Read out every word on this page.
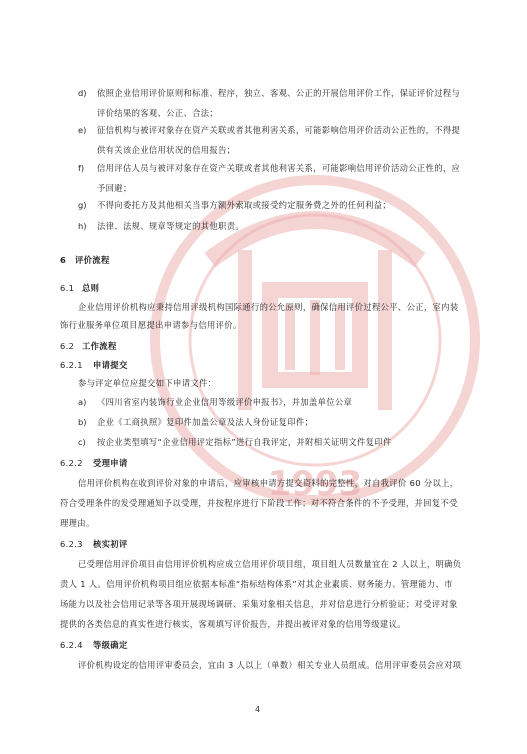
1993
d) 依照企业信用评价原则和标准、程序，独立、客观、公正的开展信用评价工作，保证评价过程与
评价结果的客观、公正、合法；
e) 征信机构与被评对象存在资产关联或者其他利害关系，可能影响信用评价活动公正性的，不得提
供有关该企业信用状况的信用报告；
f) 信用评估人员与被评对象存在资产关联或者其他利害关系，可能影响信用评价活动公正性的，应
予回避；
g) 不得向委托方及其他相关当事方额外索取或接受约定服务费之外的任何利益；
h) 法律、法规、规章等规定的其他职责。
6 评价流程
6.1 总则
企业信用评价机构应秉持信用评级机构国际通行的公允原则，确保信用评价过程公平、公正，室内装
饰行业服务单位项目愿提出申请参与信用评价。
6.2 工作流程
6.2.1 申请提交
参与评定单位应提交如下申请文件：
a) 《四川省室内装饰行业企业信用等级评价申报书》，并加盖单位公章
b) 企业《工商执照》复印件加盖公章及法人身份证复印件；
c) 按企业类型填写“企业信用评定指标”进行自我评定，并附相关证明文件复印件
6.2.2 受理申请
信用评价机构在收到评价对象的申请后，应审核申请方提交资料的完整性，对自我评价 60 分以上，
符合受理条件的发受理通知予以受理，并按程序进行下阶段工作；对不符合条件的不予受理，并回复不受
理理由。
6.2.3 核实初评
已受理信用评价项目由信用评价机构应成立信用评价项目组，项目组人员数量宜在 2 人以上，明确负
责人 1 人。信用评价机构项目组应依据本标准“指标结构体系”对其企业素质、财务能力、管理能力、市
场能力以及社会信用记录等各项开展现场调研、采集对象相关信息，并对信息进行分析验证；对受评对象
提供的各类信息的真实性进行核实，客观填写评价报告，并提出被评对象的信用等级建议。
6.2.4 等级确定
评价机构设定的信用评审委员会，宜由 3 人以上（单数）相关专业人员组成。信用评审委员会应对项
4
